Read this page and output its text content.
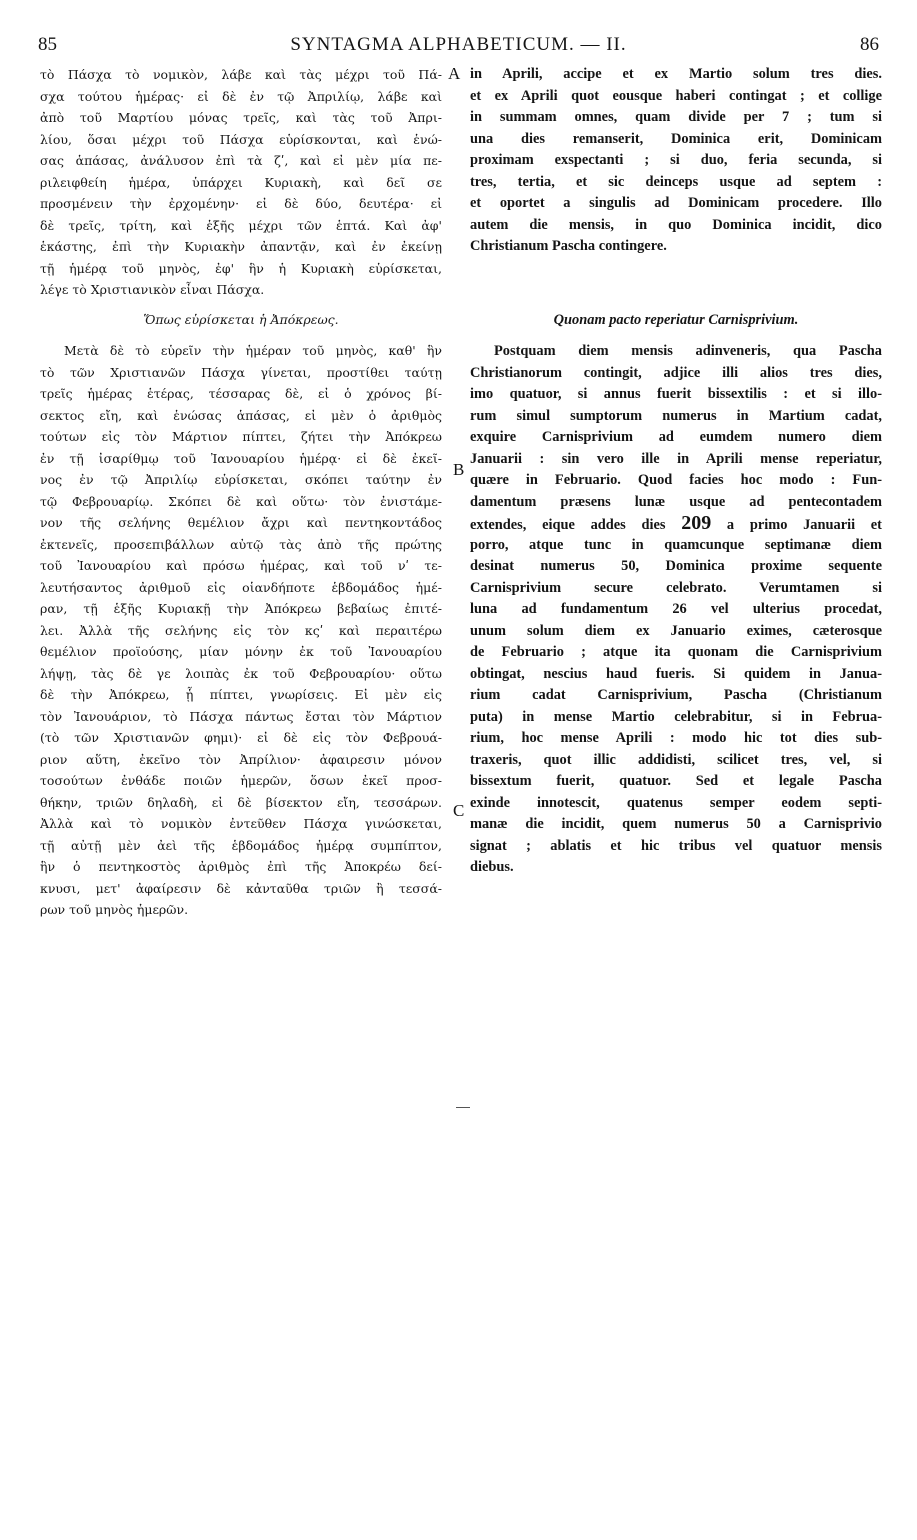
85	SYNTAGMA ALPHABETICUM. — II.	86
τὸ Πάσχα τὸ νομικὸν, λάβε καὶ τὰς μέχρι τοῦ Πά-
σχα τούτου ἡμέρας· εἰ δὲ ἐν τῷ Ἀπριλίῳ, λάβε καὶ
ἀπὸ τοῦ Μαρτίου μόνας τρεῖς, καὶ τὰς τοῦ Ἀπρι-
λίου, ὅσαι μέχρι τοῦ Πάσχα εὑρίσκονται, καὶ ἑνώ-
σας ἁπάσας, ἀνάλυσον ἐπὶ τὰ ζʹ, καὶ εἰ μὲν μία πε-
ριλειφθείη ἡμέρα, ὑπάρχει Κυριακὴ, καὶ δεῖ σε
προσμένειν τὴν ἐρχομένην· εἰ δὲ δύο, δευτέρα· εἰ
δὲ τρεῖς, τρίτη, καὶ ἑξῆς μέχρι τῶν ἑπτά. Καὶ ἀφ'
ἑκάστης, ἐπὶ τὴν Κυριακὴν ἀπαντᾷν, καὶ ἐν ἐκείνῃ
τῇ ἡμέρᾳ τοῦ μηνὸς, ἐφ' ἣν ἡ Κυριακὴ εὑρίσκεται,
λέγε τὸ Χριστιανικὸν εἶναι Πάσχα.
Ὅπως εὑρίσκεται ἡ Ἀπόκρεως.
Μετὰ δὲ τὸ εὑρεῖν τὴν ἡμέραν τοῦ μηνὸς, καθ' ἣν
τὸ τῶν Χριστιανῶν Πάσχα γίνεται, προστίθει ταύτῃ
τρεῖς ἡμέρας ἑτέρας, τέσσαρας δὲ, εἰ ὁ χρόνος βί-
σεκτος εἴη, καὶ ἑνώσας ἁπάσας, εἰ μὲν ὁ ἀριθμὸς
τούτων εἰς τὸν Μάρτιον πίπτει, ζήτει τὴν Ἀπόκρεω
ἐν τῇ ἰσαρίθμῳ τοῦ Ἰανουαρίου ἡμέρᾳ· εἰ δὲ ἐκεῖ-
νος ἐν τῷ Ἀπριλίῳ εὑρίσκεται, σκόπει ταύτην ἐν
τῷ Φεβρουαρίῳ. Σκόπει δὲ καὶ οὕτω· τὸν ἐνιστάμε-
νον τῆς σελήνης θεμέλιον ἄχρι καὶ πεντηκοντάδος
ἐκτενεῖς, προσεπιβάλλων αὐτῷ τὰς ἀπὸ τῆς πρώτης
τοῦ Ἰανουαρίου καὶ πρόσω ἡμέρας, καὶ τοῦ νʹ τε-
λευτήσαντος ἀριθμοῦ εἰς οἱανδήποτε ἑβδομάδος ἡμέ-
ραν, τῇ ἑξῆς Κυριακῇ τὴν Ἀπόκρεω βεβαίως ἐπιτέ-
λει. Ἀλλὰ τῆς σελήνης εἰς τὸν κςʹ καὶ περαιτέρω
θεμέλιον προϊούσης, μίαν μόνην ἐκ τοῦ Ἰανουαρίου
λήψῃ, τὰς δὲ γε λοιπὰς ἐκ τοῦ Φεβρουαρίου· οὕτω
δὲ τὴν Ἀπόκρεω, ᾗ πίπτει, γνωρίσεις. Εἰ μὲν εἰς
τὸν Ἰανουάριον, τὸ Πάσχα πάντως ἔσται τὸν Μάρτιον
(τὸ τῶν Χριστιανῶν φημι)· εἰ δὲ εἰς τὸν Φεβρουά-
ριον αὕτη, ἐκεῖνο τὸν Ἀπρίλιον· ἀφαιρεσιν μόνον
τοσούτων ἐνθάδε ποιῶν ἡμερῶν, ὅσων ἐκεῖ προσ-
θήκην, τριῶν δηλαδὴ, εἰ δὲ βίσεκτον εἴη, τεσσάρων.
Ἀλλὰ καὶ τὸ νομικὸν ἐντεῦθεν Πάσχα γινώσκεται,
τῇ αὐτῇ μὲν ἀεὶ τῆς ἑβδομάδος ἡμέρᾳ συμπίπτον,
ἣν ὁ πεντηκοστὸς ἀριθμὸς ἐπὶ τῆς Ἀποκρέω δεί-
κνυσι, μετ' ἀφαίρεσιν δὲ κἀνταῦθα τριῶν ἢ τεσσά-
ρων τοῦ μηνὸς ἡμερῶν.
A
B
C
in Aprili, accipe et ex Martio solum tres dies.
et ex Aprili quot eousque haberi contingat ; et collige
in summam omnes, quam divide per 7 ; tum si
una dies remanserit, Dominica erit, Dominicam
proximam exspectanti ; si duo, feria secunda, si
tres, tertia, et sic deinceps usque ad septem :
et oportet a singulis ad Dominicam procedere. Illo
autem die mensis, in quo Dominica incidit, dico
Christianum Pascha contingere.
Quonam pacto reperiatur Carnisprivium.
Postquam diem mensis adinveneris, qua Pascha
Christianorum contingit, adjice illi alios tres dies,
imo quatuor, si annus fuerit bissextilis : et si illo-
rum simul sumptorum numerus in Martium cadat,
exquire Carnisprivium ad eumdem numero diem
Januarii : sin vero ille in Aprili mense reperiatur,
quære in Februario. Quod facies hoc modo : Fun-
damentum præsens lunæ usque ad pentecontadem
extendes, eique addes dies 209 a primo Januarii et
porro, atque tunc in quamcunque septimanæ diem
desinat numerus 50, Dominica proxime sequente
Carnisprivium secure celebrato. Verumtamen si
luna ad fundamentum 26 vel ulterius procedat,
unum solum diem ex Januario eximes, cæterosque
de Februario ; atque ita quonam die Carnisprivium
obtingat, nescius haud fueris. Si quidem in Janua-
rium cadat Carnisprivium, Pascha (Christianum
puta) in mense Martio celebrabitur, si in Februa-
rium, hoc mense Aprili : modo hic tot dies sub-
traxeris, quot illic addidisti, scilicet tres, vel, si
bissextum fuerit, quatuor. Sed et legale Pascha
exinde innotescit, quatenus semper eodem septi-
manæ die incidit, quem numerus 50 a Carnisprivio
signat ; ablatis et hic tribus vel quatuor mensis
diebus.
